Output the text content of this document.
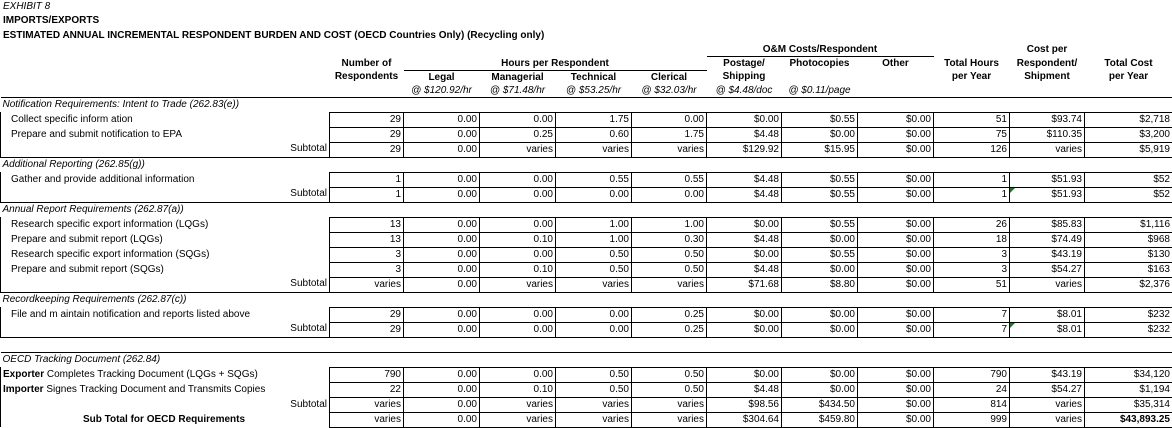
EXHIBIT 8
IMPORTS/EXPORTS
ESTIMATED ANNUAL INCREMENTAL RESPONDENT BURDEN AND COST (OECD Countries Only) (Recycling only)
						O&M Costs/Respondent				Cost per	
	Number of	Hours per Respondent				Postage/	Photocopies	Other	Total Hours	Respondent/	Total Cost
	Respondents	Legal	Managerial	Technical	Clerical	Shipping			per Year	Shipment	per Year
		@ $120.92/hr	@ $71.48/hr	@ $53.25/hr	@ $32.03/hr	@ $4.48/doc	@ $0.11/page				
Notification Requirements: Intent to Trade (262.83(e))											
Collect specific inform ation	29	0.00	0.00	1.75	0.00	$0.00	$0.55	$0.00	51	$93.74	$2,718
Prepare and submit notification to EPA	29	0.00	0.25	0.60	1.75	$4.48	$0.00	$0.00	75	$110.35	$3,200
Subtotal	29	0.00	varies	varies	varies	$129.92	$15.95	$0.00	126	varies	$5,919
Additional Reporting (262.85(g))											
Gather and provide additional information	1	0.00	0.00	0.55	0.55	$4.48	$0.55	$0.00	1	$51.93	$52
Subtotal	1	0.00	0.00	0.00	0.00	$4.48	$0.55	$0.00	1	$51.93	$52
Annual Report Requirements (262.87(a))											
Research specific export information (LQGs)	13	0.00	0.00	1.00	1.00	$0.00	$0.55	$0.00	26	$85.83	$1,116
Prepare and submit report (LQGs)	13	0.00	0.10	1.00	0.30	$4.48	$0.00	$0.00	18	$74.49	$968
Research specific export information (SQGs)	3	0.00	0.00	0.50	0.50	$0.00	$0.55	$0.00	3	$43.19	$130
Prepare and submit report (SQGs)	3	0.00	0.10	0.50	0.50	$4.48	$0.00	$0.00	3	$54.27	$163
Subtotal	varies	0.00	varies	varies	varies	$71.68	$8.80	$0.00	51	varies	$2,376
Recordkeeping Requirements (262.87(c))											
File and m aintain notification and reports listed above	29	0.00	0.00	0.00	0.25	$0.00	$0.00	$0.00	7	$8.01	$232
Subtotal	29	0.00	0.00	0.00	0.25	$0.00	$0.00	$0.00	7	$8.01	$232

OECD Tracking Document (262.84)											
Exporter Completes Tracking Document (LQGs + SQGs)	790	0.00	0.00	0.50	0.50	$0.00	$0.00	$0.00	790	$43.19	$34,120
Importer Signes Tracking Document and Transmits Copies	22	0.00	0.10	0.50	0.50	$4.48	$0.00	$0.00	24	$54.27	$1,194
Subtotal	varies	0.00	varies	varies	varies	$98.56	$434.50	$0.00	814	varies	$35,314
Sub Total for OECD Requirements	varies	0.00	varies	varies	varies	$304.64	$459.80	$0.00	999	varies	$43,893.25
